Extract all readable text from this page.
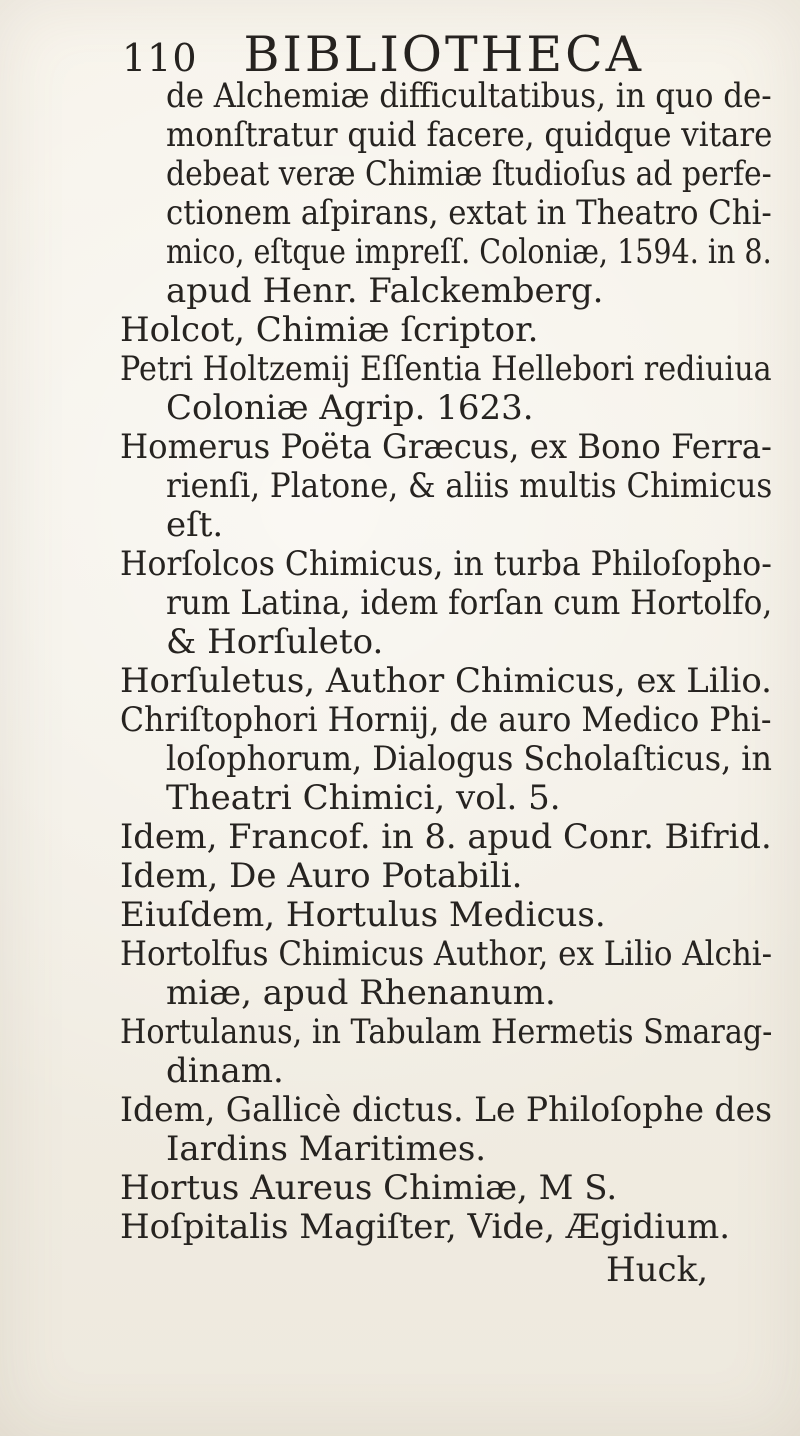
110 BIBLIOTHECA
de Alchemiæ difficultatibus, in quo de-
monſtratur quid facere, quidque vitare
debeat veræ Chimiæ ſtudioſus ad perfe-
ctionem aſpirans, extat in Theatro Chi-
mico, eſtque impreſſ. Coloniæ, 1594. in 8.
apud Henr. Falckemberg.
Holcot, Chimiæ ſcriptor.
Petri Holtzemij Eſſentia Hellebori rediuiua
Coloniæ Agrip. 1623.
Homerus Poëta Græcus, ex Bono Ferra-
rienſi, Platone, & aliis multis Chimicus
eſt.
Horſolcos Chimicus, in turba Philoſopho-
rum Latina, idem forſan cum Hortolfo,
& Horſuleto.
Horſuletus, Author Chimicus, ex Lilio.
Chriſtophori Hornij, de auro Medico Phi-
loſophorum, Dialogus Scholaſticus, in
Theatri Chimici, vol. 5.
Idem, Francof. in 8. apud Conr. Bifrid.
Idem, De Auro Potabili.
Eiuſdem, Hortulus Medicus.
Hortolfus Chimicus Author, ex Lilio Alchi-
miæ, apud Rhenanum.
Hortulanus, in Tabulam Hermetis Smarag-
dinam.
Idem, Gallicè dictus. Le Philoſophe des
Iardins Maritimes.
Hortus Aureus Chimiæ, M S.
Hoſpitalis Magiſter, Vide, Ægidium.
Huck,
